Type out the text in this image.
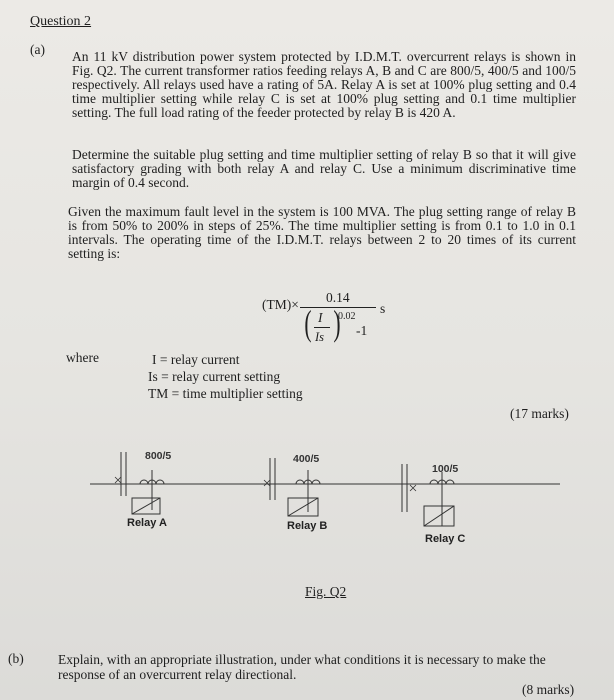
Question 2
(a) An 11 kV distribution power system protected by I.D.M.T. overcurrent relays is shown in Fig. Q2. The current transformer ratios feeding relays A, B and C are 800/5, 400/5 and 100/5 respectively. All relays used have a rating of 5A. Relay A is set at 100% plug setting and 0.4 time multiplier setting while relay C is set at 100% plug setting and 0.1 time multiplier setting. The full load rating of the feeder protected by relay B is 420 A.
Determine the suitable plug setting and time multiplier setting of relay B so that it will give satisfactory grading with both relay A and relay C. Use a minimum discriminative time margin of 0.4 second.
Given the maximum fault level in the system is 100 MVA. The plug setting range of relay B is from 50% to 200% in steps of 25%. The time multiplier setting is from 0.1 to 1.0 in 0.1 intervals. The operating time of the I.D.M.T. relays between 2 to 20 times of its current setting is:
(TM)× 0.14
s
( I
Is )
0.02
-1
where	I = relay current
Is = relay current setting
TM = time multiplier setting
(17 marks)
800/5
Relay A
400/5
Relay B
100/5
Relay C
Fig. Q2
(b)	Explain, with an appropriate illustration, under what conditions it is necessary to make the response of an overcurrent relay directional.
(8 marks)
